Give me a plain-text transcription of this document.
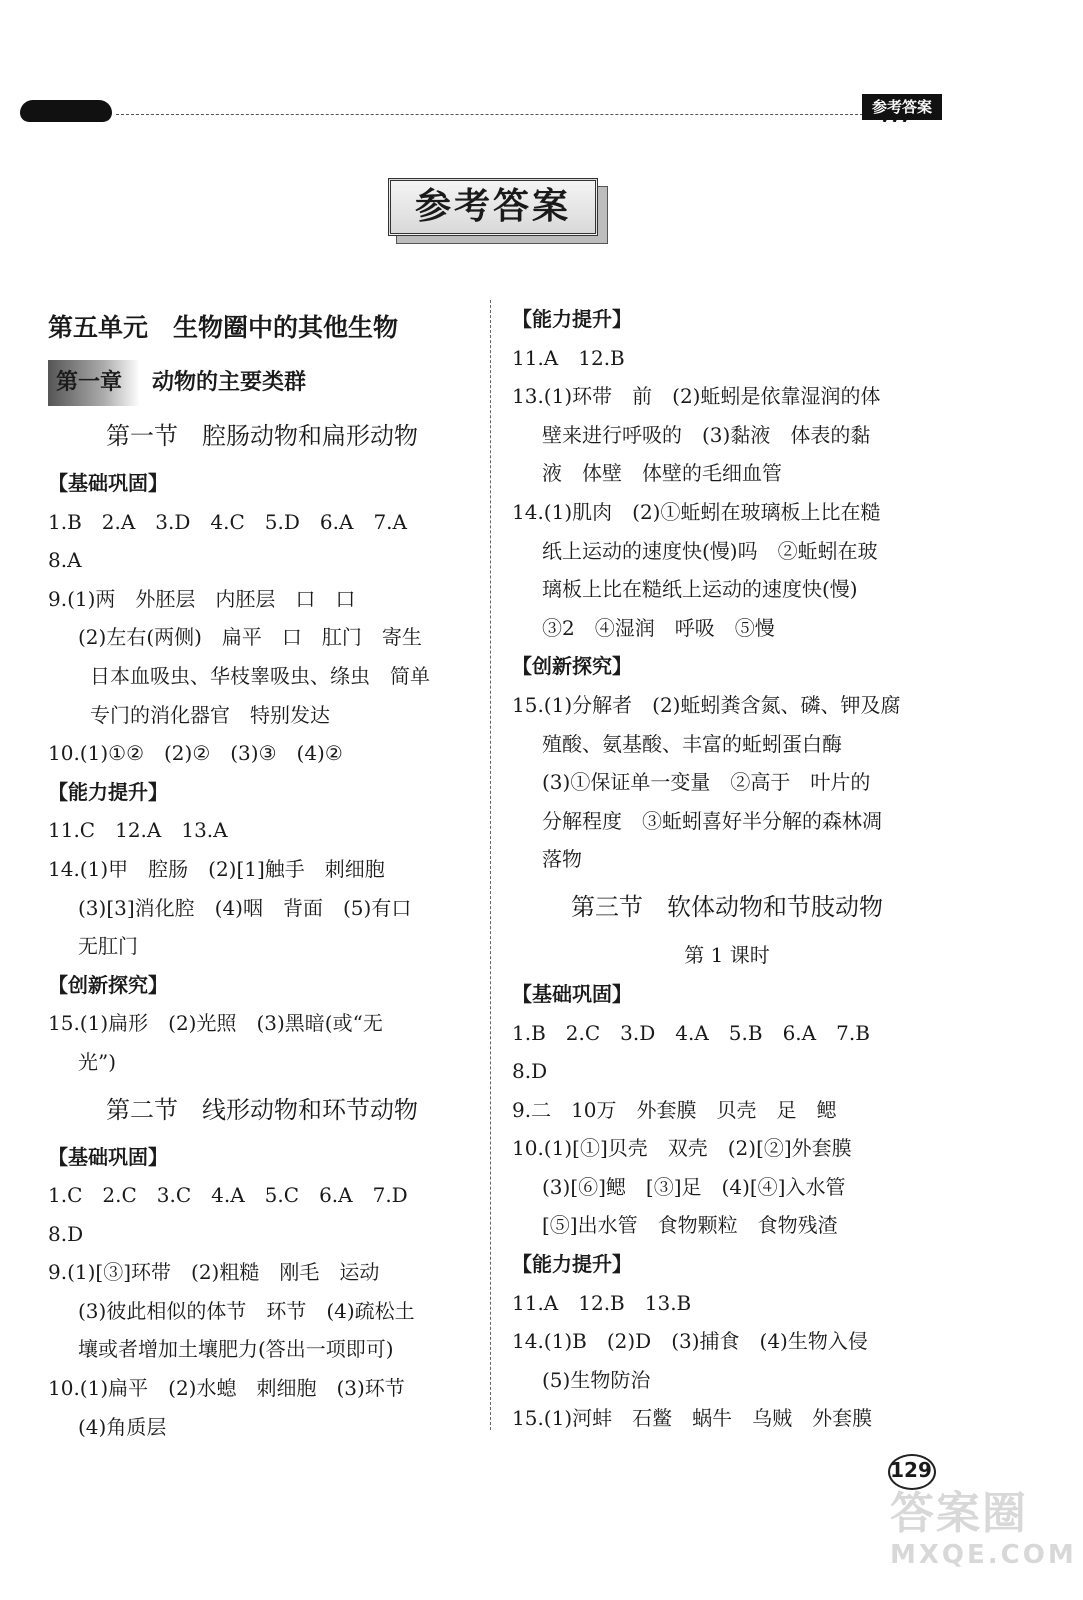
参考答案
参考答案
第五单元　生物圈中的其他生物
第一章 动物的主要类群
第一节　腔肠动物和扁形动物
【基础巩固】
1.B　2.A　3.D　4.C　5.D　6.A　7.A
8.A
9.(1)两　外胚层　内胚层　口　口
(2)左右(两侧)　扁平　口　肛门　寄生
日本血吸虫、华枝睾吸虫、绦虫　简单
专门的消化器官　特别发达
10.(1)①②　(2)②　(3)③　(4)②
【能力提升】
11.C　12.A　13.A
14.(1)甲　腔肠　(2)[1]触手　刺细胞
(3)[3]消化腔　(4)咽　背面　(5)有口
无肛门
【创新探究】
15.(1)扁形　(2)光照　(3)黑暗(或“无
光”)
第二节　线形动物和环节动物
【基础巩固】
1.C　2.C　3.C　4.A　5.C　6.A　7.D
8.D
9.(1)[③]环带　(2)粗糙　刚毛　运动
(3)彼此相似的体节　环节　(4)疏松土
壤或者增加土壤肥力(答出一项即可)
10.(1)扁平　(2)水螅　刺细胞　(3)环节
(4)角质层
【能力提升】
11.A　12.B
13.(1)环带　前　(2)蚯蚓是依靠湿润的体
壁来进行呼吸的　(3)黏液　体表的黏
液　体壁　体壁的毛细血管
14.(1)肌肉　(2)①蚯蚓在玻璃板上比在糙
纸上运动的速度快(慢)吗　②蚯蚓在玻
璃板上比在糙纸上运动的速度快(慢)
③2　④湿润　呼吸　⑤慢
【创新探究】
15.(1)分解者　(2)蚯蚓粪含氮、磷、钾及腐
殖酸、氨基酸、丰富的蚯蚓蛋白酶
(3)①保证单一变量　②高于　叶片的
分解程度　③蚯蚓喜好半分解的森林凋
落物
第三节　软体动物和节肢动物
第 1 课时
【基础巩固】
1.B　2.C　3.D　4.A　5.B　6.A　7.B
8.D
9.二　10万　外套膜　贝壳　足　鳃
10.(1)[①]贝壳　双壳　(2)[②]外套膜
(3)[⑥]鳃　[③]足　(4)[④]入水管
[⑤]出水管　食物颗粒　食物残渣
【能力提升】
11.A　12.B　13.B
14.(1)B　(2)D　(3)捕食　(4)生物入侵
(5)生物防治
15.(1)河蚌　石鳖　蜗牛　乌贼　外套膜
129
答案圈
MXQE.COM
